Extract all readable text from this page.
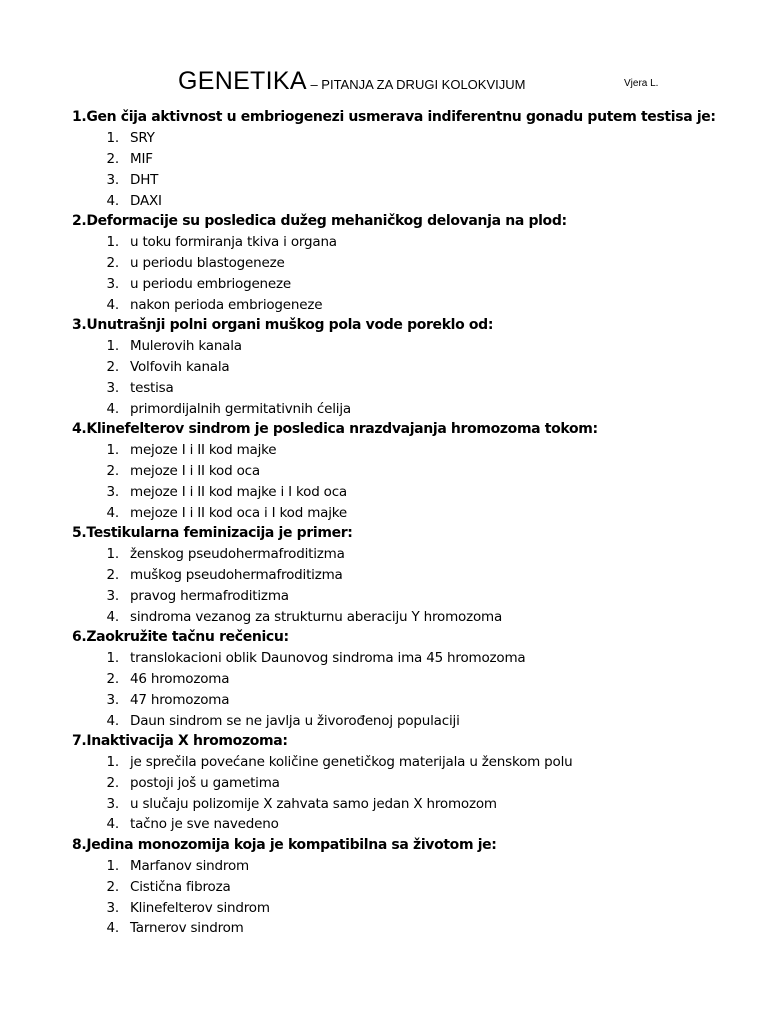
GENETIKA – PITANJA ZA DRUGI KOLOKVIJUM	Vjera L.
1.Gen čija aktivnost u embriogenezi usmerava indiferentnu gonadu putem testisa je:
1. SRY
2. MIF
3. DHT
4. DAXI
2.Deformacije su posledica dužeg mehaničkog delovanja na plod:
1. u toku formiranja tkiva i organa
2. u periodu blastogeneze
3. u periodu embriogeneze
4. nakon perioda embriogeneze
3.Unutrašnji polni organi muškog pola vode poreklo od:
1. Mulerovih kanala
2. Volfovih kanala
3. testisa
4. primordijalnih germitativnih ćelija
4.Klinefelterov sindrom je posledica nrazdvajanja hromozoma tokom:
1. mejoze I i II kod majke
2. mejoze I i II kod oca
3. mejoze I i II kod majke i I kod oca
4. mejoze I i II kod oca i I kod majke
5.Testikularna feminizacija je primer:
1. ženskog pseudohermafroditizma
2. muškog pseudohermafroditizma
3. pravog hermafroditizma
4. sindroma vezanog za strukturnu aberaciju Y hromozoma
6.Zaokružite tačnu rečenicu:
1. translokacioni oblik Daunovog sindroma ima 45 hromozoma
2. 46 hromozoma
3. 47 hromozoma
4. Daun sindrom se ne javlja u živorođenoj populaciji
7.Inaktivacija X hromozoma:
1. je sprečila povećane količine genetičkog materijala u ženskom polu
2. postoji još u gametima
3. u slučaju polizomije X zahvata samo jedan X hromozom
4. tačno je sve navedeno
8.Jedina monozomija koja je kompatibilna sa životom je:
1. Marfanov sindrom
2. Cistična fibroza
3. Klinefelterov sindrom
4. Tarnerov sindrom
